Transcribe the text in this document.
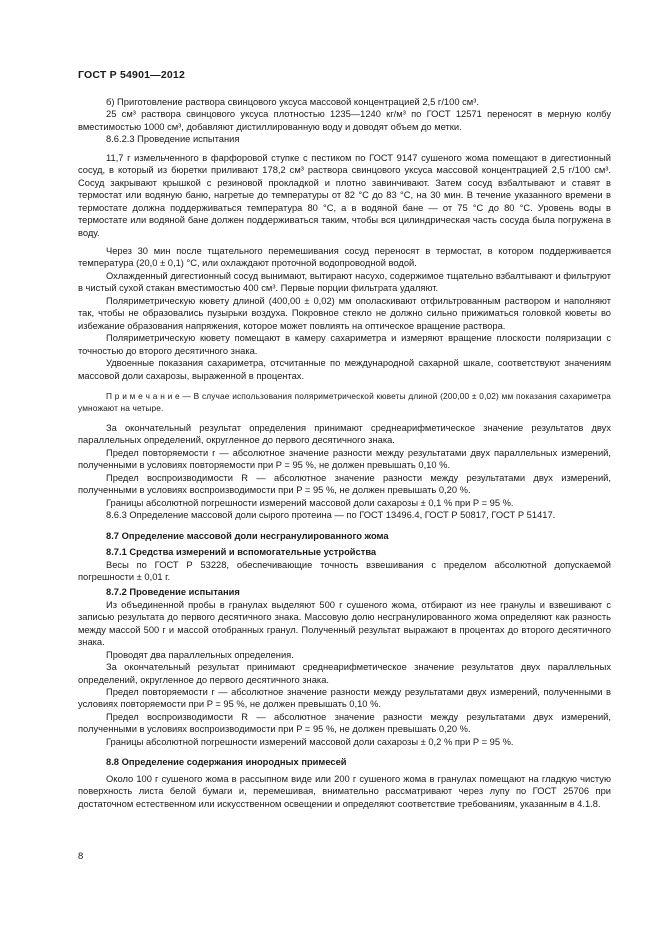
ГОСТ Р 54901—2012

б) Приготовление раствора свинцового уксуса массовой концентрацией 2,5 г/100 см³.

25 см³ раствора свинцового уксуса плотностью 1235—1240 кг/м³ по ГОСТ 12571 переносят в мерную колбу вместимостью 1000 см³, добавляют дистиллированную воду и доводят объем до метки.

8.6.2.3 Проведение испытания

11,7 г измельченного в фарфоровой ступке с пестиком по ГОСТ 9147 сушеного жома помещают в дигестионный сосуд, в который из бюретки приливают 178,2 см³ раствора свинцового уксуса массовой концентрацией 2,5 г/100 см³. Сосуд закрывают крышкой с резиновой прокладкой и плотно завинчивают. Затем сосуд взбалтывают и ставят в термостат или водяную баню, нагретые до температуры от 82 °С до 83 °С, на 30 мин. В течение указанного времени в термостате должна поддерживаться температура 80 °С, а в водяной бане — от 75 °С до 80 °С. Уровень воды в термостате или водяной бане должен поддерживаться таким, чтобы вся цилиндрическая часть сосуда была погружена в воду.

Через 30 мин после тщательного перемешивания сосуд переносят в термостат, в котором поддерживается температура (20,0 ± 0,1) °С, или охлаждают проточной водопроводной водой.

Охлажденный дигестионный сосуд вынимают, вытирают насухо, содержимое тщательно взбалтывают и фильтруют в чистый сухой стакан вместимостью 400 см³. Первые порции фильтрата удаляют.

Поляриметрическую кювету длиной (400,00 ± 0,02) мм ополаскивают отфильтрованным раствором и наполняют так, чтобы не образовались пузырьки воздуха. Покровное стекло не должно сильно прижиматься головкой кюветы во избежание образования напряжения, которое может повлиять на оптическое вращение раствора.

Поляриметрическую кювету помещают в камеру сахариметра и измеряют вращение плоскости поляризации с точностью до второго десятичного знака.

Удвоенные показания сахариметра, отсчитанные по международной сахарной шкале, соответствуют значениям массовой доли сахарозы, выраженной в процентах.

П р и м е ч а н и е — В случае использования поляриметрической кюветы длиной (200,00 ± 0,02) мм показания сахариметра умножают на четыре.

За окончательный результат определения принимают среднеарифметическое значение результатов двух параллельных определений, округленное до первого десятичного знака.

Предел повторяемости r — абсолютное значение разности между результатами двух параллельных измерений, полученными в условиях повторяемости при P = 95 %, не должен превышать 0,10 %.

Предел воспроизводимости R — абсолютное значение разности между результатами двух измерений, полученными в условиях воспроизводимости при P = 95 %, не должен превышать 0,20 %.

Границы абсолютной погрешности измерений массовой доли сахарозы ± 0,1 % при P = 95 %.

8.6.3 Определение массовой доли сырого протеина — по ГОСТ 13496.4, ГОСТ Р 50817, ГОСТ Р 51417.

8.7 Определение массовой доли несгранулированного жома
8.7.1 Средства измерений и вспомогательные устройства

Весы по ГОСТ Р 53228, обеспечивающие точность взвешивания с пределом абсолютной допускаемой погрешности ± 0,01 г.

8.7.2 Проведение испытания

Из объединенной пробы в гранулах выделяют 500 г сушеного жома, отбирают из нее гранулы и взвешивают с записью результата до первого десятичного знака. Массовую долю несгранулированного жома определяют как разность между массой 500 г и массой отобранных гранул. Полученный результат выражают в процентах до второго десятичного знака.

Проводят два параллельных определения.

За окончательный результат принимают среднеарифметическое значение результатов двух параллельных определений, округленное до первого десятичного знака.

Предел повторяемости r — абсолютное значение разности между результатами двух измерений, полученными в условиях повторяемости при P = 95 %, не должен превышать 0,10 %.

Предел воспроизводимости R — абсолютное значение разности между результатами двух измерений, полученными в условиях воспроизводимости при P = 95 %, не должен превышать 0,20 %.

Границы абсолютной погрешности измерений массовой доли сахарозы ± 0,2 % при P = 95 %.

8.8 Определение содержания инородных примесей

Около 100 г сушеного жома в рассыпном виде или 200 г сушеного жома в гранулах помещают на гладкую чистую поверхность листа белой бумаги и, перемешивая, внимательно рассматривают через лупу по ГОСТ 25706 при достаточном естественном или искусственном освещении и определяют соответствие требованиям, указанным в 4.1.8.

8
